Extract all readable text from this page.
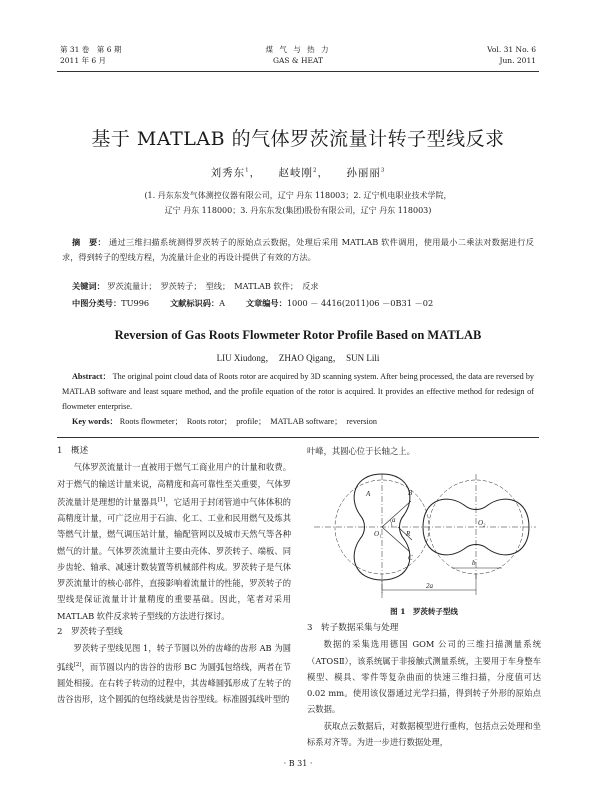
第 31 卷　第 6 期
2011 年 6 月
煤 气 与 热 力
GAS & HEAT
Vol. 31 No. 6
Jun. 2011
基于 MATLAB 的气体罗茨流量计转子型线反求
刘秀东$^1$，    赵岐刚$^2$，    孙丽丽$^3$
(1. 丹东东发气体测控仪器有限公司，辽宁 丹东 118003；2. 辽宁机电职业技术学院，
辽宁 丹东 118000；3. 丹东东发(集团)股份有限公司，辽宁 丹东 118003)
摘　要： 通过三维扫描系统测得罗茨转子的原始点云数据，处理后采用 MATLAB 软件调用，使用最小二乘法对数据进行反求，得到转子的型线方程，为流量计企业的再设计提供了有效的方法。
关键词： 罗茨流量计；　罗茨转子；　型线；　MATLAB 软件；　反求
中图分类号：TU996	文献标识码：A	文章编号：1000 － 4416(2011)06 －0B31 －02
Reversion of Gas Roots Flowmeter Rotor Profile Based on MATLAB
LIU Xiudong，　ZHAO Qigang，　SUN Lili
Abstract： The original point cloud data of Roots rotor are acquired by 3D scanning system. After being processed, the data are reversed by MATLAB software and least square method, and the profile equation of the rotor is acquired. It provides an effective method for redesign of flowmeter enterprise.
Key words： Roots flowmeter；　Roots rotor；　profile；　MATLAB software；　reversion
1　概述
气体罗茨流量计一直被用于燃气工商业用户的计量和收费。对于燃气的输送计量来说，高精度和高可靠性至关重要，气体罗茨流量计是理想的计量器具[1]，它适用于封闭管道中气体体积的高精度计量，可广泛应用于石油、化工、工业和民用燃气及炼其等燃气计量，燃气调压站计量，输配管网以及城市天然气等各种燃气的计量。气体罗茨流量计主要由壳体、罗茨转子、端板、同步齿轮、轴承、减速计数装置等机械部件构成。罗茨转子是气体罗茨流量计的核心部件，直接影响着流量计的性能，罗茨转子的型线是保证流量计计量精度的重要基础。因此，笔者对采用 MATLAB 软件反求转子型线的方法进行探讨。
2　罗茨转子型线
罗茨转子型线见图 1，转子节圆以外的齿峰的齿形 AB 为圆弧线[2]，而节圆以内的齿谷的齿形 BC 为圆弧包络线，两者在节圆处相接。在右转子转动的过程中，其齿峰圆弧形成了左转子的齿谷齿形，这个圆弧的包络线就是齿谷型线。标准圆弧线叶型的
叶峰，其圆心位于长轴之上。
A	B
C
O₁
O₂
a
R
b
2a
图 1　罗茨转子型线
3　转子数据采集与处理
数据的采集选用德国 GOM 公司的三维扫描测量系统（ATOSⅡ），该系统属于非接触式测量系统，主要用于车身整车模型、模具、零件等复杂曲面的快速三维扫描，分度值可达 0.02 mm。使用该仪器通过光学扫描，得到转子外形的原始点云数据。
获取点云数据后，对数据模型进行重构，包括点云处理和坐标系对齐等。为进一步进行数据处理，
· B 31 ·
